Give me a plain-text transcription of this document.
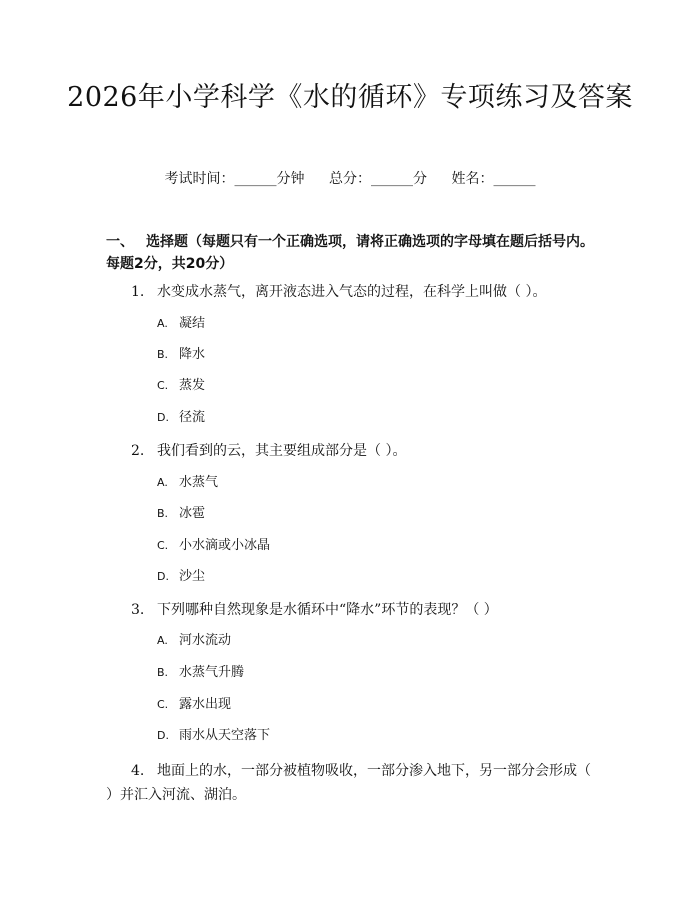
2026年小学科学《水的循环》专项练习及答案
考试时间：______分钟 总分：______分 姓名：______
一、 选择题（每题只有一个正确选项，请将正确选项的字母填在题后括号内。每题2分，共20分）
1. 水变成水蒸气，离开液态进入气态的过程，在科学上叫做（ ）。
A. 凝结
B. 降水
C. 蒸发
D. 径流
2. 我们看到的云，其主要组成部分是（ ）。
A. 水蒸气
B. 冰雹
C. 小水滴或小冰晶
D. 沙尘
3. 下列哪种自然现象是水循环中“降水”环节的表现？（ ）
A. 河水流动
B. 水蒸气升腾
C. 露水出现
D. 雨水从天空落下
4. 地面上的水，一部分被植物吸收，一部分渗入地下，另一部分会形成（ ）并汇入河流、湖泊。
